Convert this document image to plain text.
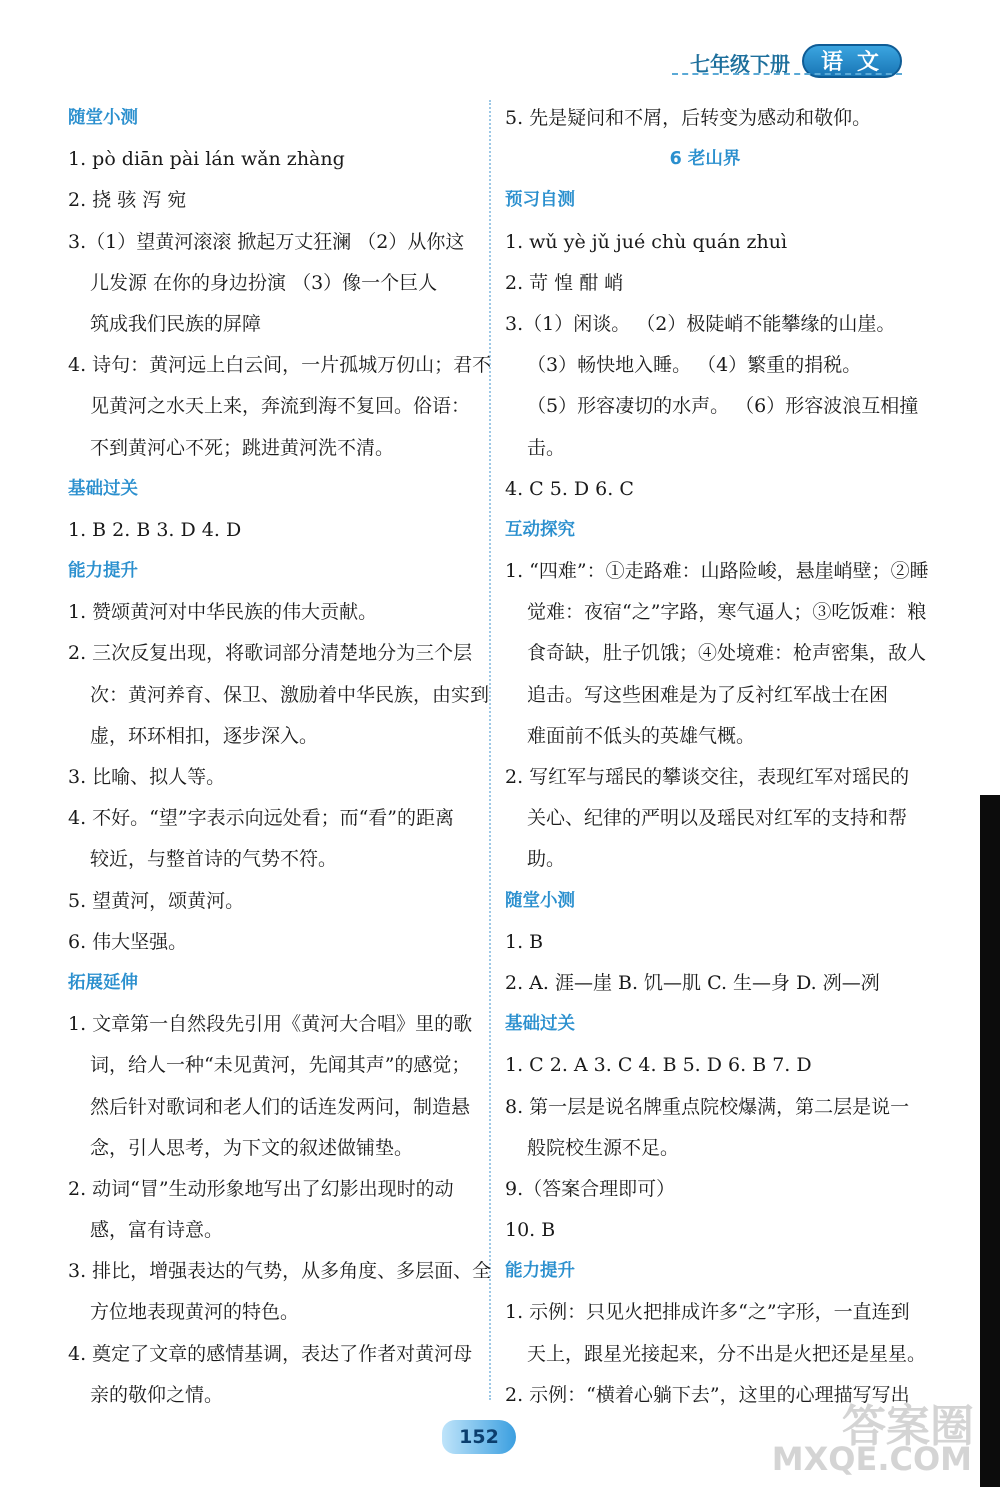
七年级下册	语文
随堂小测
1. pò diān pài lán wǎn zhàng
2. 挠 骇 泻 宛
3.（1）望黄河滚滚 掀起万丈狂澜 （2）从你这
儿发源 在你的身边扮演 （3）像一个巨人
筑成我们民族的屏障
4. 诗句：黄河远上白云间，一片孤城万仞山；君不
见黄河之水天上来，奔流到海不复回。俗语：
不到黄河心不死；跳进黄河洗不清。
基础过关
1. B 2. B 3. D 4. D
能力提升
1. 赞颂黄河对中华民族的伟大贡献。
2. 三次反复出现，将歌词部分清楚地分为三个层
次：黄河养育、保卫、激励着中华民族，由实到
虚，环环相扣，逐步深入。
3. 比喻、拟人等。
4. 不好。“望”字表示向远处看；而“看”的距离
较近，与整首诗的气势不符。
5. 望黄河，颂黄河。
6. 伟大坚强。
拓展延伸
1. 文章第一自然段先引用《黄河大合唱》里的歌
词，给人一种“未见黄河，先闻其声”的感觉；
然后针对歌词和老人们的话连发两问，制造悬
念，引人思考，为下文的叙述做铺垫。
2. 动词“冒”生动形象地写出了幻影出现时的动
感，富有诗意。
3. 排比，增强表达的气势，从多角度、多层面、全
方位地表现黄河的特色。
4. 奠定了文章的感情基调，表达了作者对黄河母
亲的敬仰之情。
5. 先是疑问和不屑，后转变为感动和敬仰。
6 老山界
预习自测
1. wǔ yè jǔ jué chù quán zhuì
2. 苛 惶 酣 峭
3.（1）闲谈。 （2）极陡峭不能攀缘的山崖。
（3）畅快地入睡。 （4）繁重的捐税。
（5）形容凄切的水声。 （6）形容波浪互相撞
击。
4. C 5. D 6. C
互动探究
1. “四难”：①走路难：山路险峻，悬崖峭壁；②睡
觉难：夜宿“之”字路，寒气逼人；③吃饭难：粮
食奇缺，肚子饥饿；④处境难：枪声密集，敌人
追击。写这些困难是为了反衬红军战士在困
难面前不低头的英雄气概。
2. 写红军与瑶民的攀谈交往，表现红军对瑶民的
关心、纪律的严明以及瑶民对红军的支持和帮
助。
随堂小测
1. B
2. A. 涯—崖 B. 饥—肌 C. 生—身 D. 冽—冽
基础过关
1. C 2. A 3. C 4. B 5. D 6. B 7. D
8. 第一层是说名牌重点院校爆满，第二层是说一
般院校生源不足。
9.（答案合理即可）
10. B
能力提升
1. 示例：只见火把排成许多“之”字形，一直连到
天上，跟星光接起来，分不出是火把还是星星。
2. 示例：“横着心躺下去”，这里的心理描写写出
152	答案圈
MXQE.COM
